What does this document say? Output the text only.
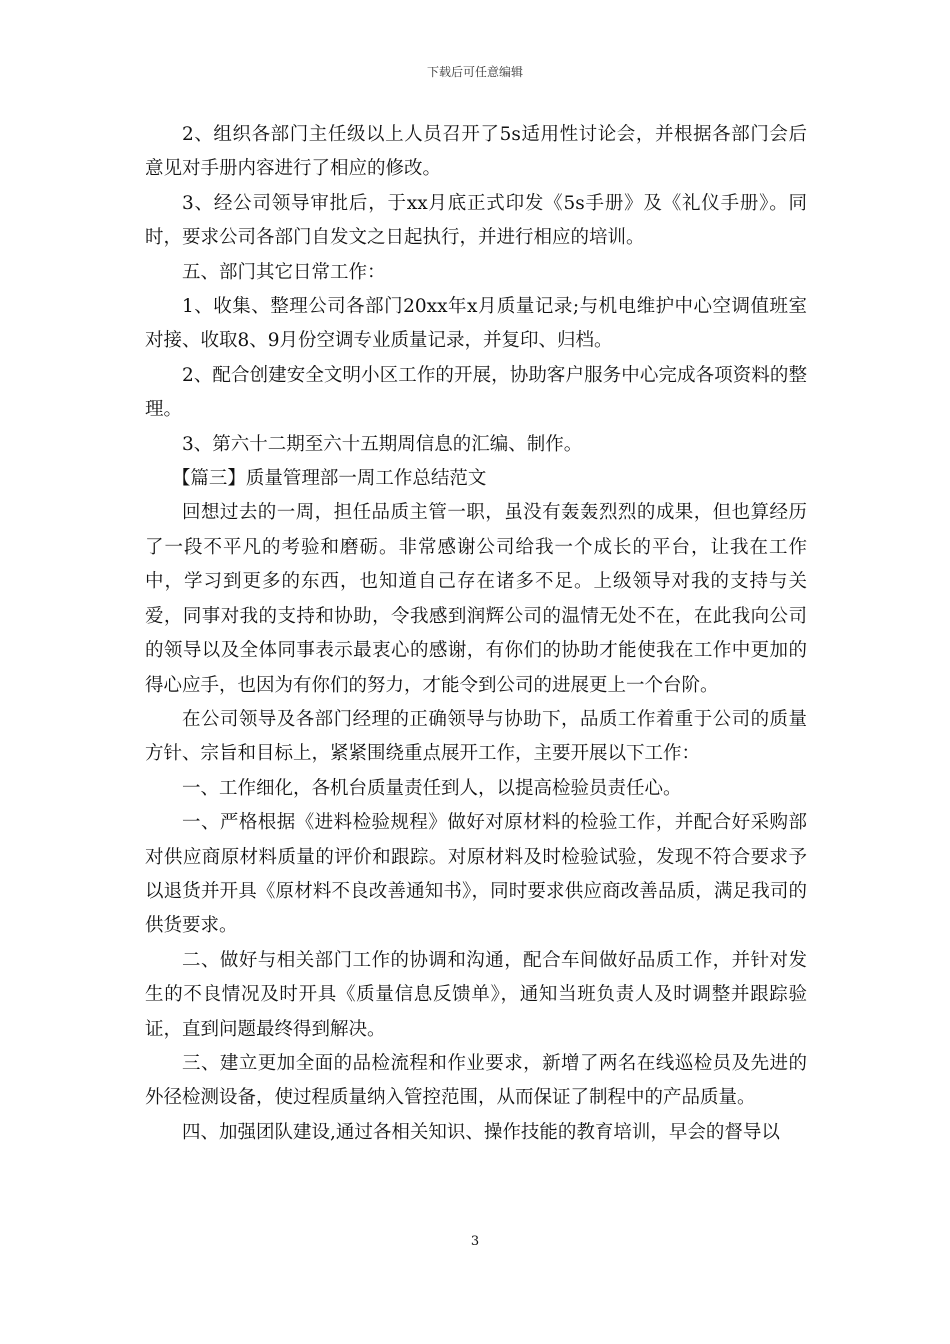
下载后可任意编辑

2、组织各部门主任级以上人员召开了5s适用性讨论会，并根据各部门会后意见对手册内容进行了相应的修改。

3、经公司领导审批后，于xx月底正式印发《5s手册》及《礼仪手册》。同时，要求公司各部门自发文之日起执行，并进行相应的培训。

五、部门其它日常工作：

1、收集、整理公司各部门20xx年x月质量记录;与机电维护中心空调值班室对接、收取8、9月份空调专业质量记录，并复印、归档。

2、配合创建安全文明小区工作的开展，协助客户服务中心完成各项资料的整理。

3、第六十二期至六十五期周信息的汇编、制作。

【篇三】质量管理部一周工作总结范文

回想过去的一周，担任品质主管一职，虽没有轰轰烈烈的成果，但也算经历了一段不平凡的考验和磨砺。非常感谢公司给我一个成长的平台，让我在工作中，学习到更多的东西，也知道自己存在诸多不足。上级领导对我的支持与关爱，同事对我的支持和协助，令我感到润辉公司的温情无处不在，在此我向公司的领导以及全体同事表示最衷心的感谢，有你们的协助才能使我在工作中更加的得心应手，也因为有你们的努力，才能令到公司的进展更上一个台阶。

在公司领导及各部门经理的正确领导与协助下，品质工作着重于公司的质量方针、宗旨和目标上，紧紧围绕重点展开工作，主要开展以下工作：

一、工作细化，各机台质量责任到人，以提高检验员责任心。

一、严格根据《进料检验规程》做好对原材料的检验工作，并配合好采购部对供应商原材料质量的评价和跟踪。对原材料及时检验试验，发现不符合要求予以退货并开具《原材料不良改善通知书》，同时要求供应商改善品质，满足我司的供货要求。

二、做好与相关部门工作的协调和沟通，配合车间做好品质工作，并针对发生的不良情况及时开具《质量信息反馈单》，通知当班负责人及时调整并跟踪验证，直到问题最终得到解决。

三、建立更加全面的品检流程和作业要求，新增了两名在线巡检员及先进的外径检测设备，使过程质量纳入管控范围，从而保证了制程中的产品质量。

四、加强团队建设,通过各相关知识、操作技能的教育培训，早会的督导以

3
